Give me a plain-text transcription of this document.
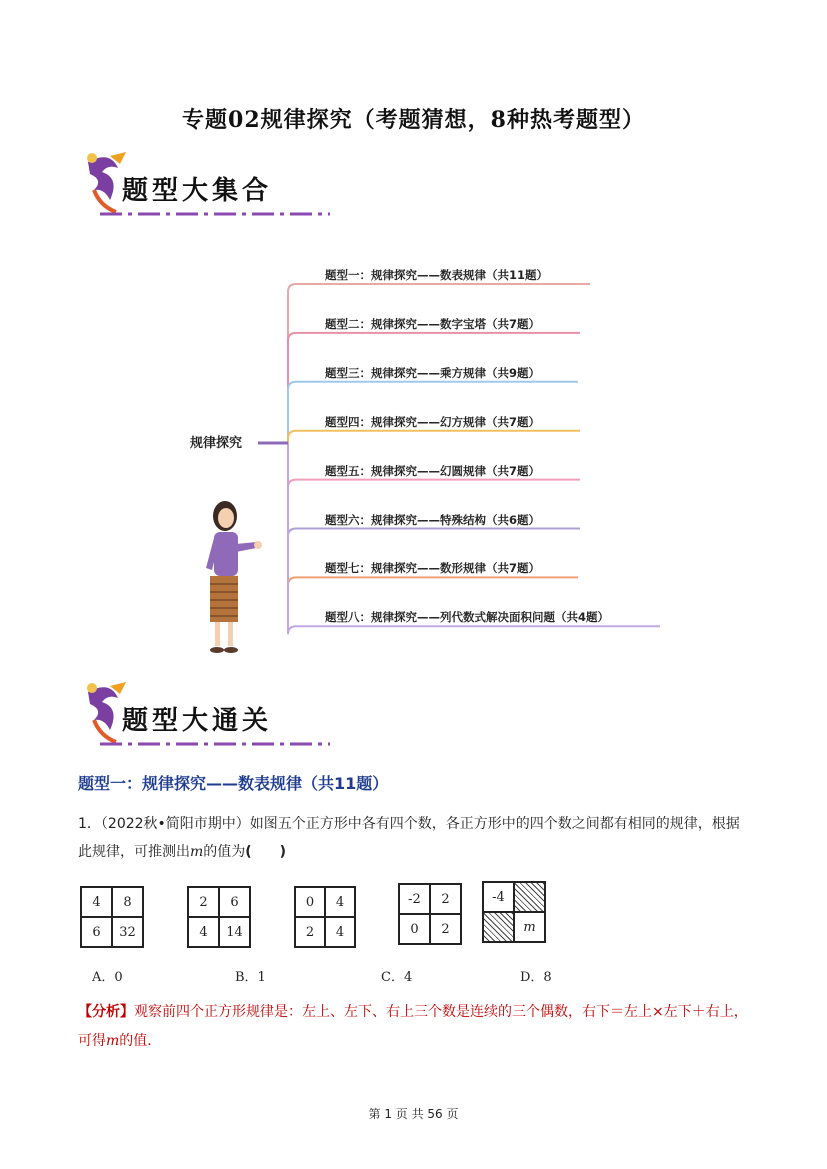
专题02规律探究（考题猜想，8种热考题型）
题型大集合
规律探究
题型一：规律探究——数表规律（共11题）
题型二：规律探究——数字宝塔（共7题）
题型三：规律探究——乘方规律（共9题）
题型四：规律探究——幻方规律（共7题）
题型五：规律探究——幻圆规律（共7题）
题型六：规律探究——特殊结构（共6题）
题型七：规律探究——数形规律（共7题）
题型八：规律探究——列代数式解决面积问题（共4题）
题型大通关
题型一：规律探究——数表规律（共11题）
1．（2022秋•简阳市期中）如图五个正方形中各有四个数，各正方形中的四个数之间都有相同的规律，根据
此规律，可推测出m的值为(　　)
4	8
6	32
2	6
4	14
0	4
2	4
-2	2
0	2
-4
m
A．0	B．1	C．4	D．8
【分析】观察前四个正方形规律是：左上、左下、右上三个数是连续的三个偶数，右下＝左上×左下＋右上，
可得m的值．
第 1 页 共 56 页
